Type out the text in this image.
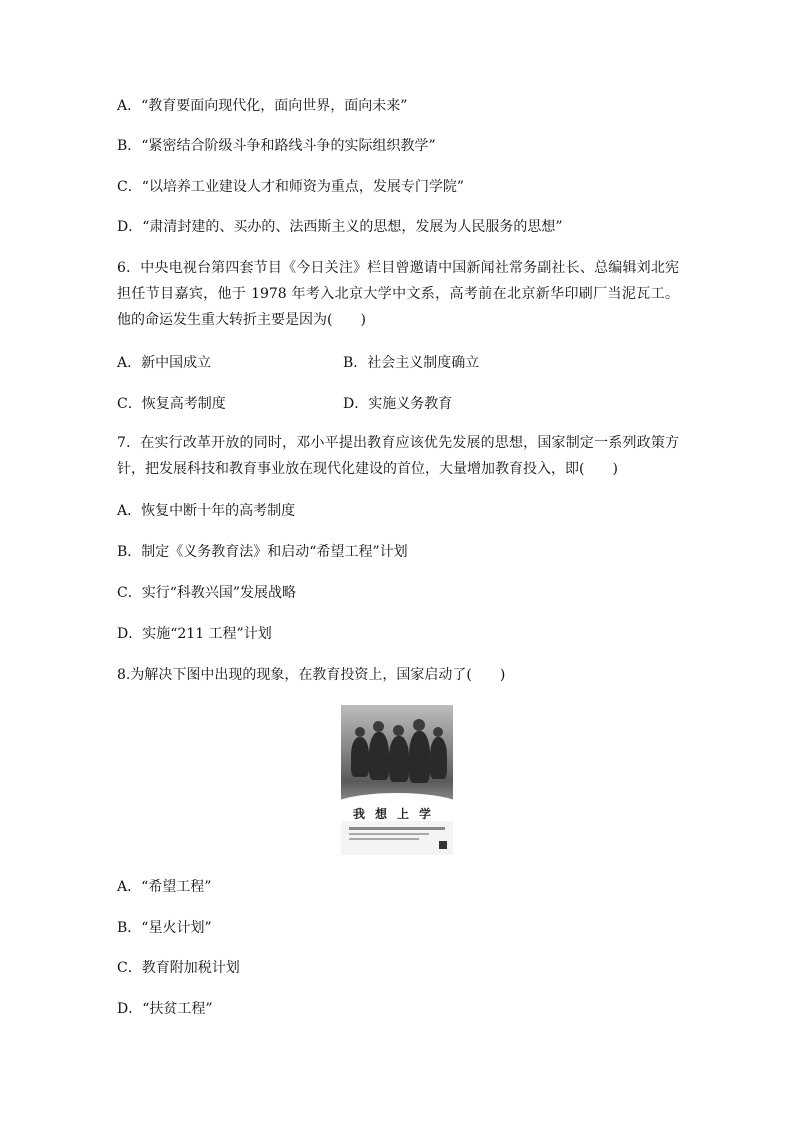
A．“教育要面向现代化，面向世界，面向未来”
B．“紧密结合阶级斗争和路线斗争的实际组织教学”
C．“以培养工业建设人才和师资为重点，发展专门学院”
D．“肃清封建的、买办的、法西斯主义的思想，发展为人民服务的思想”
6．中央电视台第四套节目《今日关注》栏目曾邀请中国新闻社常务副社长、总编辑刘北宪担任节目嘉宾，他于 1978 年考入北京大学中文系，高考前在北京新华印刷厂当泥瓦工。他的命运发生重大转折主要是因为(　　)
A．新中国成立	B．社会主义制度确立
C．恢复高考制度	D．实施义务教育
7．在实行改革开放的同时，邓小平提出教育应该优先发展的思想，国家制定一系列政策方针，把发展科技和教育事业放在现代化建设的首位，大量增加教育投入，即(　　)
A．恢复中断十年的高考制度
B．制定《义务教育法》和启动“希望工程”计划
C．实行“科教兴国”发展战略
D．实施“211 工程”计划
8.为解决下图中出现的现象，在教育投资上，国家启动了(　　)
我想上学
A．“希望工程”
B．“星火计划”
C．教育附加税计划
D．“扶贫工程”
